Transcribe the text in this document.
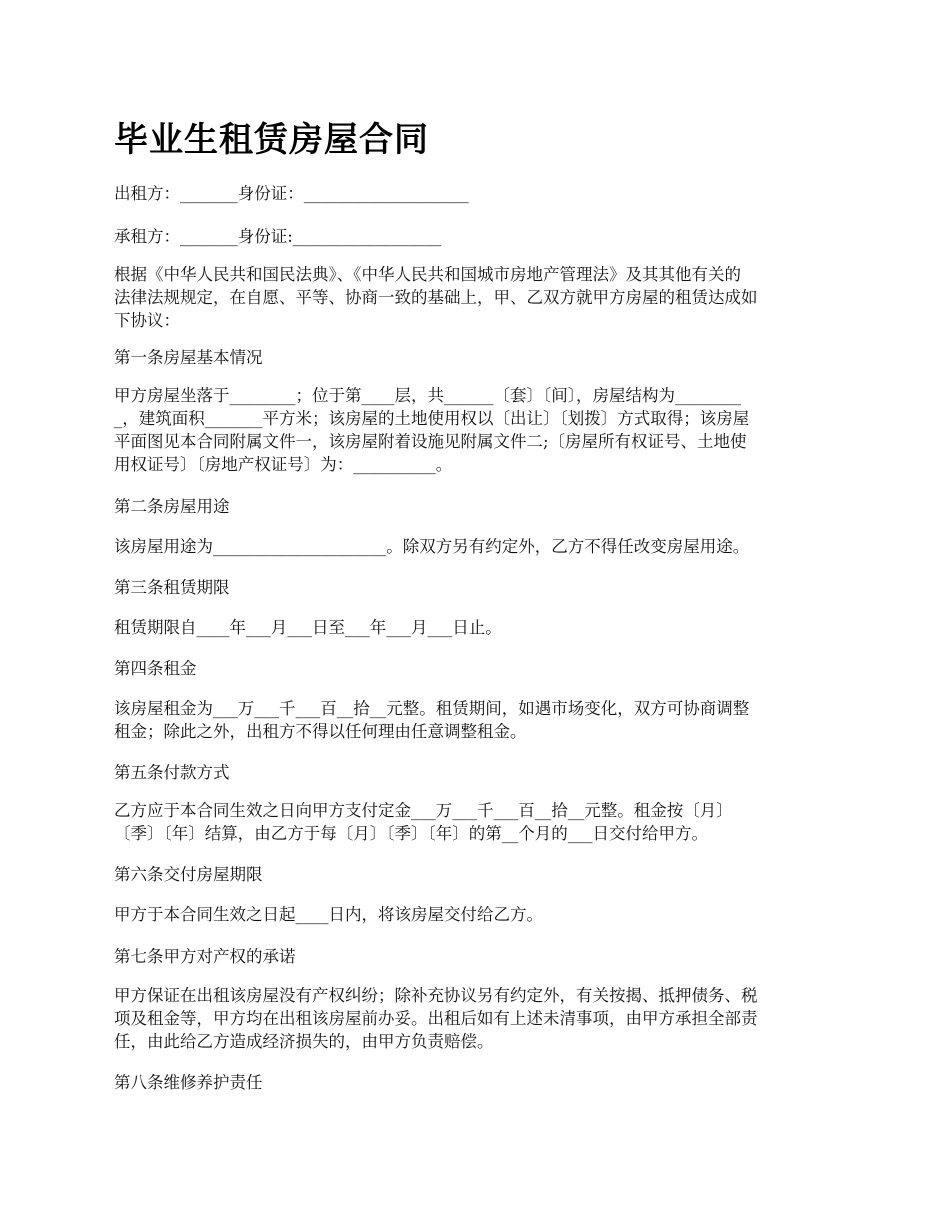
毕业生租赁房屋合同

出租方：_______身份证：____________________

承租方：_______身份证:__________________

根据《中华人民共和国民法典》、《中华人民共和国城市房地产管理法》及其其他有关的
法律法规规定，在自愿、平等、协商一致的基础上，甲、乙双方就甲方房屋的租赁达成如
下协议：

第一条房屋基本情况

甲方房屋坐落于________；位于第____层，共______〔套〕〔间〕，房屋结构为________
_，建筑面积_______平方米；该房屋的土地使用权以〔出让〕〔划拨〕方式取得；该房屋
平面图见本合同附属文件一，该房屋附着设施见附属文件二;〔房屋所有权证号、土地使
用权证号〕〔房地产权证号〕为：__________。

第二条房屋用途

该房屋用途为_____________________。除双方另有约定外，乙方不得任改变房屋用途。

第三条租赁期限

租赁期限自____年___月___日至___年___月___日止。

第四条租金

该房屋租金为___万___千___百__拾__元整。租赁期间，如遇市场变化，双方可协商调整
租金；除此之外，出租方不得以任何理由任意调整租金。

第五条付款方式

乙方应于本合同生效之日向甲方支付定金___万___千___百__拾__元整。租金按〔月〕
〔季〕〔年〕结算，由乙方于每〔月〕〔季〕〔年〕的第__个月的___日交付给甲方。

第六条交付房屋期限

甲方于本合同生效之日起____日内，将该房屋交付给乙方。

第七条甲方对产权的承诺

甲方保证在出租该房屋没有产权纠纷；除补充协议另有约定外，有关按揭、抵押债务、税
项及租金等，甲方均在出租该房屋前办妥。出租后如有上述未清事项，由甲方承担全部责
任，由此给乙方造成经济损失的，由甲方负责赔偿。

第八条维修养护责任
